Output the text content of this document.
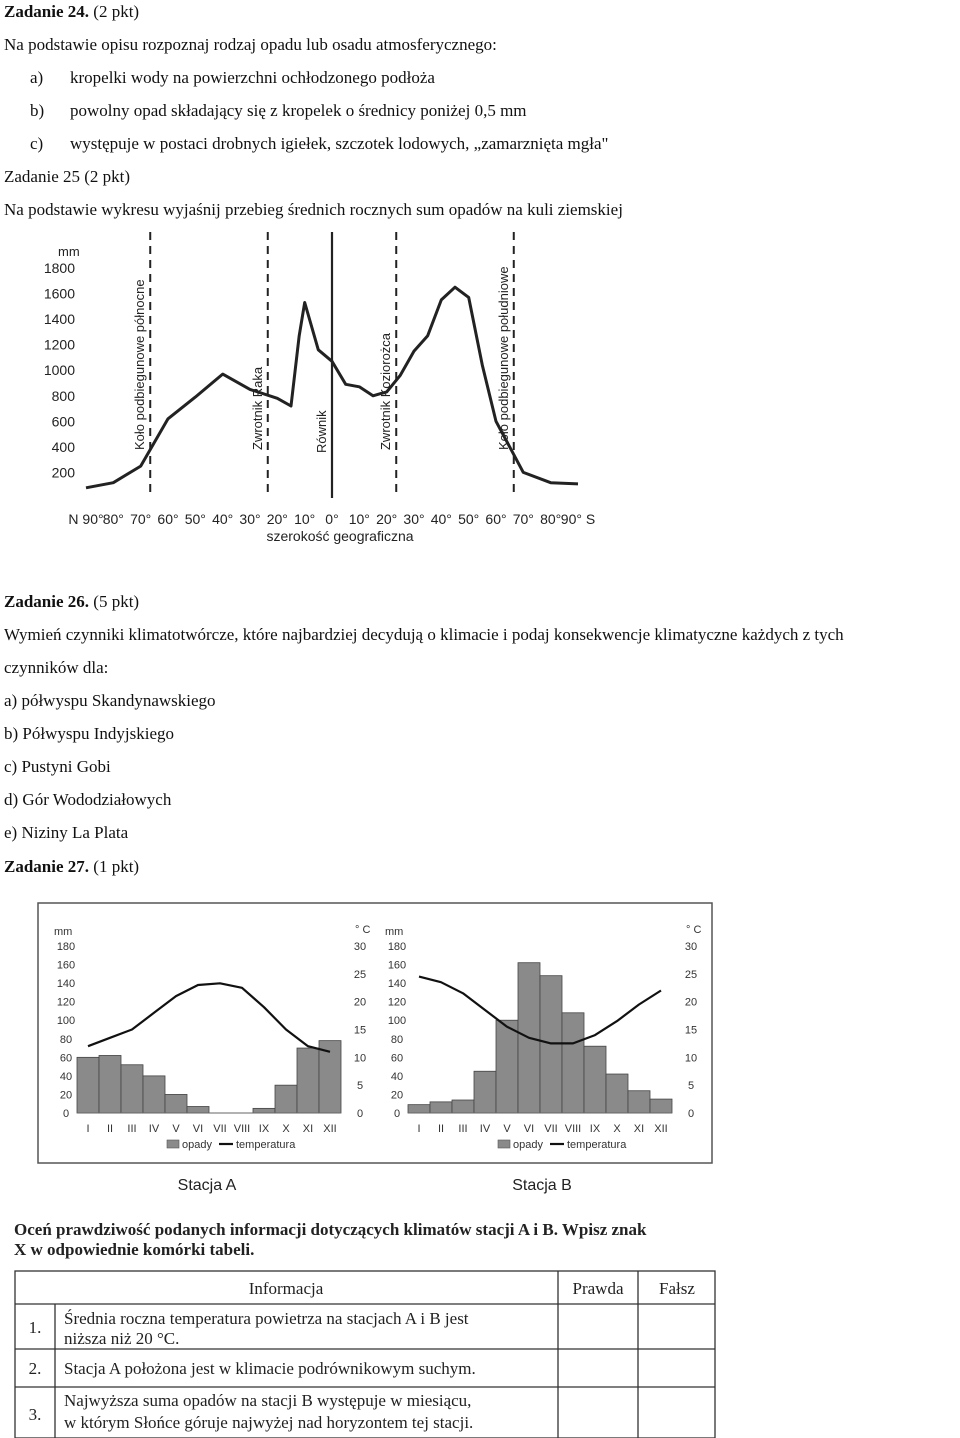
Zadanie 24. (2 pkt)
Na podstawie opisu rozpoznaj rodzaj opadu lub osadu atmosferycznego:
a) kropelki wody na powierzchni ochłodzonego podłoża
b) powolny opad składający się z kropelek o średnicy poniżej 0,5 mm
c) występuje w postaci drobnych igiełek, szczotek lodowych, „zamarznięta mgła"
Zadanie 25 (2 pkt)
Na podstawie wykresu wyjaśnij przebieg średnich rocznych sum opadów na kuli ziemskiej
mm
200
400
600
800
1000
1200
1400
1600
1800
N 90° 80° 70° 60° 50° 40° 30° 20° 10° 0° 10° 20° 30° 40° 50° 60° 70° 80° 90° S
szerokość geograficzna
Koło podbiegunowe północne	Zwrotnik Raka	Równik	Zwrotnik Koziorożca	Koło podbiegunowe południowe
Zadanie 26. (5 pkt)
Wymień czynniki klimatotwórcze, które najbardziej decydują o klimacie i podaj konsekwencje klimatyczne każdych z tych
czynników dla:
a) półwyspu Skandynawskiego
b) Półwyspu Indyjskiego
c) Pustyni Gobi
d) Gór Wododziałowych
e) Niziny La Plata
Zadanie 27. (1 pkt)
mm	° C
0
20
40
60
80
100
120
140
160
180
0
5
10
15
20
25
30
I II III IV V VI VII VIII IX X XI XII
opady temperatura
Stacja A
mm	° C
0
20
40
60
80
100
120
140
160
180
0
5
10
15
20
25
30
I II III IV V VI VII VIII IX X XI XII
opady temperatura
Stacja B
Oceń prawdziwość podanych informacji dotyczących klimatów stacji A i B. Wpisz znak
X w odpowiednie komórki tabeli.
Informacja	Prawda Fałsz
1. Średnia roczna temperatura powietrza na stacjach A i B jest
niższa niż 20 °C.
2. Stacja A położona jest w klimacie podrównikowym suchym.
3.
Najwyższa suma opadów na stacji B występuje w miesiącu,
w którym Słońce góruje najwyżej nad horyzontem tej stacji.
